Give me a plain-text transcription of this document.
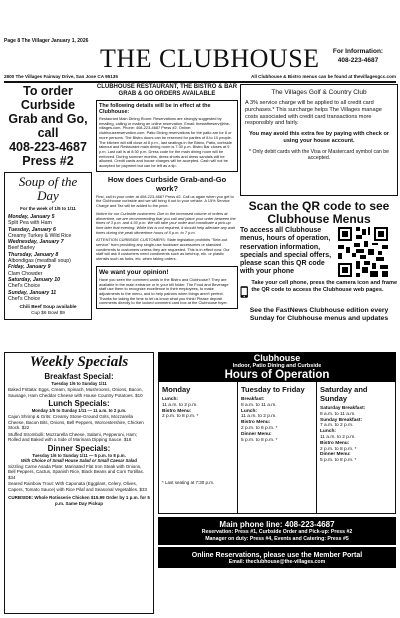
Page 8 The Villager January 1, 2026
THE CLUBHOUSE	For Information:
408-223-4687
2800 The Villages Fairway Drive, San Jose CA 95135	All Clubhouse & Bistro menus can be found at thevillagesgcc.com
To order
Curbside
Grab and Go,
call
408-223-4687
Press #2
Soup of the
Day
For the week of 1/5 to 1/11
Monday, January 5
Split Pea with Ham
Tuesday, January 6
Creamy Turkey & Wild Rice
Wednesday, January 7
Beef Barley
Thursday, January 8
Albondigas (meatball soup)
Friday, January 9
Clam Chowder
Saturday, January 10
Chef's Choice
Sunday, January 11
Chef's Choice
Chili Beef Soup available
Cup $6 Bowl $9
CLUBHOUSE RESTAURANT, THE BISTRO & BAR
GRAB & GO ORDERS AVAILABLE
The following details will be in effect at the Clubhouse:
Restaurant Main Dining Room: Reservations are strongly suggested by emailing, calling or making an online reservation. Email: thestaffreserv@the-villages.com. Phone: 408-223-4687 Press #2. Online: clubhousereservation.com. Patio Dining reservations for the patio are for 8 or more persons. The Bistro doors can be reserved for parties of 8 to 10 people. The kitchen will still close at 8 p.m., last seatings in the Bistro, Patio, curbside takeout and Restaurant main dining room is 7:30 p.m. Bistro Bar closes at 9 p.m. Last call is at 8:30 p.m. Dress code for the main dining room will be enforced. During summer months, dress shorts and dress sandals will be allowed. Credit cards and house charges will be accepted. Cash will not be accepted for payment but can be left as a tip.
How does Curbside Grab-and-Go work?
First, call in your order at 408-223-4687 Press #2. Call us again when you get to the Clubhouse curbside and we will bring it out to your vehicle. A 15% Service Charge and Tax will be added to the price.
Notice for our Curbside customers: Due to the increased volume of orders at dinnertime, we are recommending that you call and place your order between the times of 3 p.m. and 4:30 p.m. We will take your order and coordinate a pick-up time later that evening. While this is not required, it should help alleviate any wait times during the peak dinnertime hours of 5 p.m. to 7 p.m.
ATTENTION CURBSIDE CUSTOMERS: State legislation prohibits "Sele-out service" from providing any single-use foodware accessories or standard condiments to customers unless they are requested. This is in effect now. Our staff will ask if customers need condiments such as ketchup, etc. or plastic utensils such as forks, etc. when taking orders.
We want your opinion!
Have you seen the comment cards in the Bistro and Clubhouse? They are available in the main entrance or in your bill folder. The Food and Beverage staff use them to recognize excellence in their employees, to make adjustments to the menu, and to help patrons when things aren't perfect. Thanks for taking the time to let us know what you think! Please deposit comments directly to the locked comment card box at the Clubhouse foyer.
The Villages Golf & Country Club
A 3% service charge will be applied to all credit card purchases.* This surcharge helps The Villages manage costs associated with credit card transactions more responsibly and fairly.
You may avoid this extra fee by paying with check or using your house account.
* Only debit cards with the Visa or Mastercard symbol can be accepted.
Scan the QR code to see
Clubhouse Menus
To access all Clubhouse menus, hours of operation, reservation information, specials and special offers, please scan this QR code with your phone
Take your cell phone, press the camera icon and frame the QR code to access the Clubhouse web pages.
See the FastNews Clubhouse edition every Sunday for Clubhouse menus and updates
Weekly Specials
Breakfast Special:
Tuesday 1/6 to Sunday 1/11
Baked Frittata: Eggs, Cream, Spinach, Mushrooms, Onions, Bacon, Sausage, Ham Cheddar Cheese with House Country Potatoes. $10
Lunch Specials:
Monday 1/5 to Sunday 1/11 — 11 a.m. to 2 p.m.
Cajun Shrimp & Grits: Creamy Stone-Ground Grits, Mozzarella Cheese, Bacon Bits, Onions, Bell Peppers, Worcestershire, Chicken Stock. $22
Stuffed Strombolli: Mozzarella Cheese, Salami, Pepperoni, Ham; Rolled and Baked with a Side of Marinara Dipping Sauce. $18
Dinner Specials:
Tuesday 1/6 to Sunday 1/11 — 5 p.m. to 8 p.m.
With Choice of Small House Salad or Small Caesar Salad
Sizzling Carne Asada Plate: Marinated Flat Iron Steak with Onions, Bell Peppers, Cactus, Spanish Rice, Black Beans and Corn Tortillas. $34
Seared Rainbow Trout: With Caponata (Eggplant, Celery, Olives, Capers, Tomato Sauce) with Rice Pilaf and Seasonal Vegetables. $33
CURBSIDE: Whole Rotisserie Chicken $15.99 Order by 1 p.m. for 5 p.m. Same Day Pickup
Clubhouse
Indoor, Patio Dining and Curbside
Hours of Operation
Monday
Lunch:
11 a.m. to 2 p.m.
Bistro Menu:
2 p.m. to 8 p.m. *
* Last seating at 7:30 p.m.
Tuesday to Friday
Breakfast:
8 a.m. to 11 a.m.
Lunch:
11 a.m. to 2 p.m.
Bistro Menu:
2 p.m. to 8 p.m. *
Dinner Menu:
5 p.m. to 8 p.m. *
Saturday and Sunday
Saturday Breakfast:
8 a.m. to 11 a.m.
Sunday Breakfast:
7 a.m. to 2 p.m.
Lunch:
11 a.m. to 2 p.m.
Bistro Menu:
2 p.m. to 8 p.m. *
Dinner Menu:
5 p.m. to 8 p.m. *
Main phone line: 408-223-4687
Reservation: Press #1, Curbside Order and Pick-up: Press #2
Manager on duty: Press #4, Events and Catering: Press #5
Online Reservations, please use the Member Portal
Email: theclubhouse@the-villages.com
